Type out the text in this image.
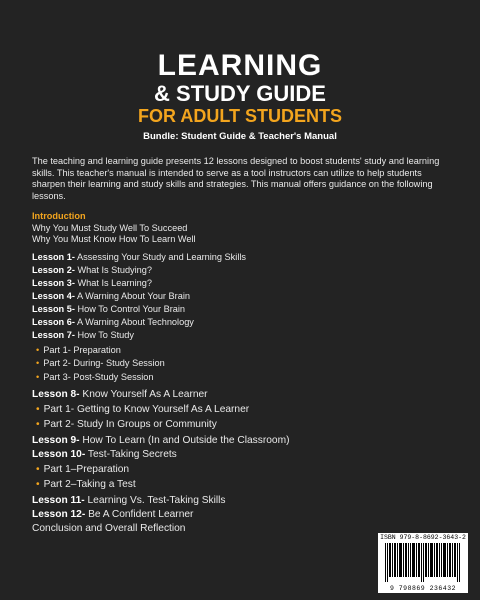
LEARNING
& STUDY GUIDE
FOR ADULT STUDENTS
Bundle: Student Guide & Teacher's Manual
The teaching and learning guide presents 12 lessons designed to boost students' study and learning skills. This teacher's manual is intended to serve as a tool instructors can utilize to help students sharpen their learning and study skills and strategies. This manual offers guidance on the following lessons.
Introduction
Why You Must Study Well To Succeed
Why You Must Know How To Learn Well
Lesson 1- Assessing Your Study and Learning Skills
Lesson 2- What Is Studying?
Lesson 3- What Is Learning?
Lesson 4- A Warning About Your Brain
Lesson 5- How To Control Your Brain
Lesson 6- A Warning About Technology
Lesson 7- How To Study
• Part 1- Preparation
• Part 2- During- Study Session
• Part 3- Post-Study Session
Lesson 8- Know Yourself As A Learner
• Part 1- Getting to Know Yourself As A Learner
• Part 2- Study In Groups or Community
Lesson 9- How To Learn (In and Outside the Classroom)
Lesson 10- Test-Taking Secrets
• Part 1–Preparation
• Part 2–Taking a Test
Lesson 11- Learning Vs. Test-Taking Skills
Lesson 12- Be A Confident Learner
Conclusion and Overall Reflection
ISBN 979-8-8692-3643-2
9 798869 236432
